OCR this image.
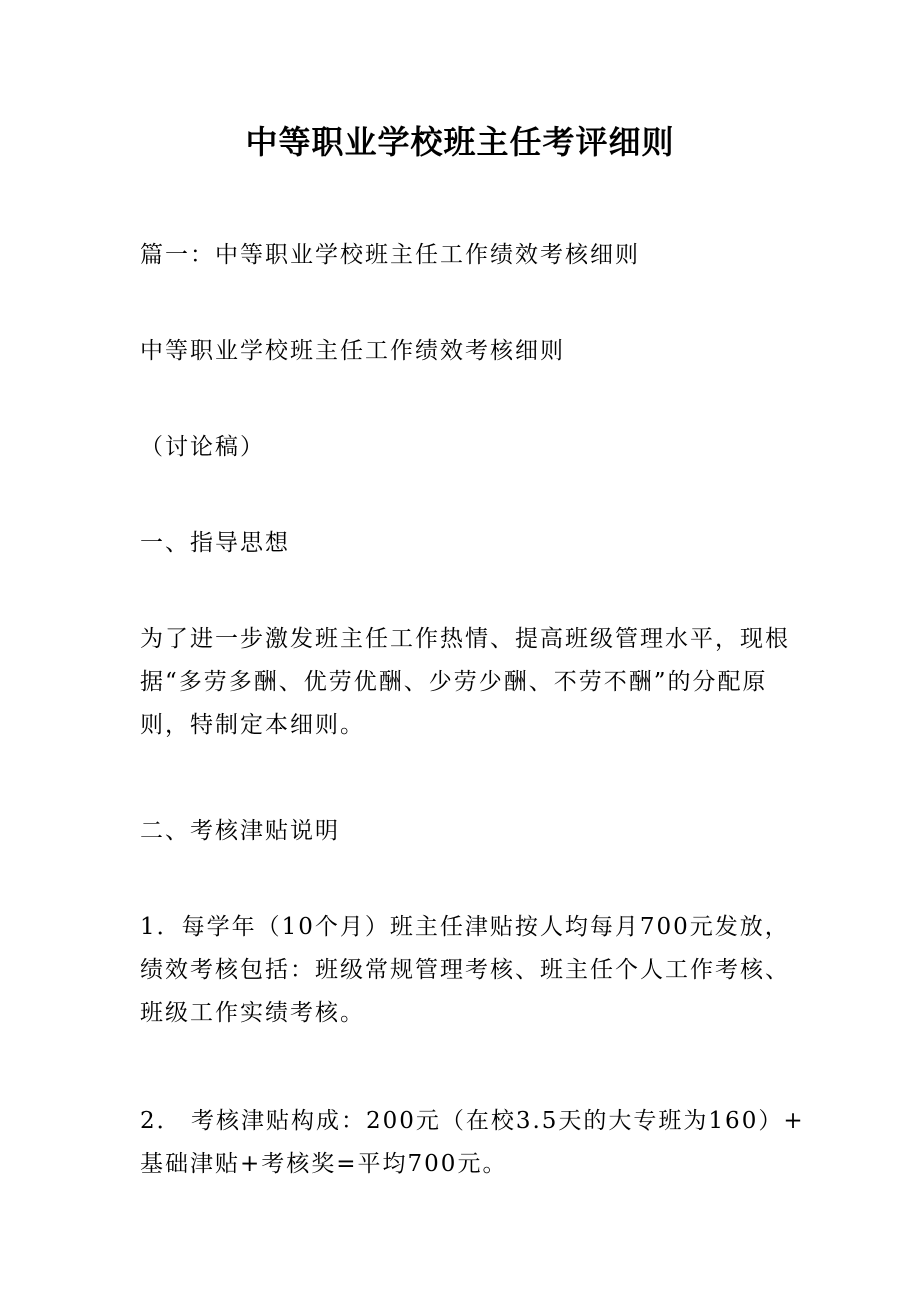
中等职业学校班主任考评细则
篇一：中等职业学校班主任工作绩效考核细则
中等职业学校班主任工作绩效考核细则
（讨论稿）
一、指导思想
为了进一步激发班主任工作热情、提高班级管理水平，现根
据“多劳多酬、优劳优酬、少劳少酬、不劳不酬”的分配原
则，特制定本细则。
二、考核津贴说明
1．每学年（10个月）班主任津贴按人均每月700元发放，
绩效考核包括：班级常规管理考核、班主任个人工作考核、
班级工作实绩考核。
2． 考核津贴构成：200元（在校3.5天的大专班为160）+
基础津贴+考核奖=平均700元。
